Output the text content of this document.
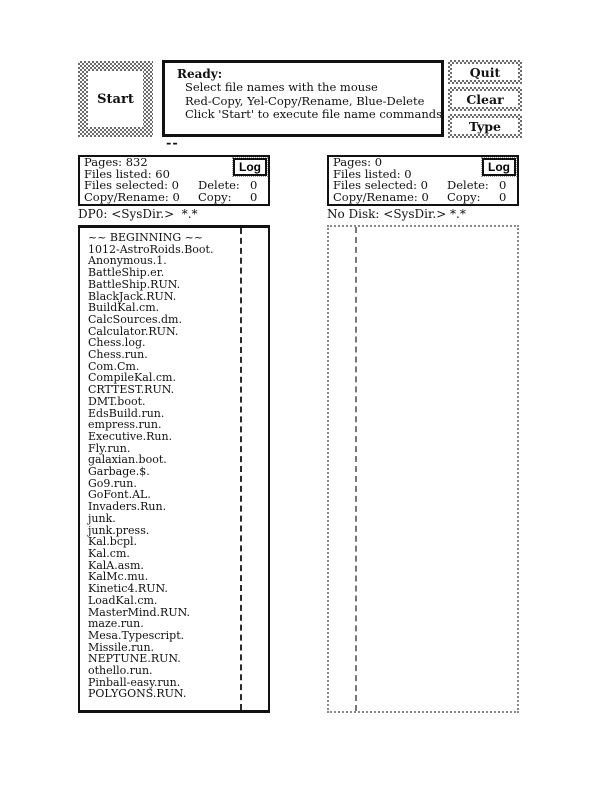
Start
Ready:
Select file names with the mouse
Red-Copy, Yel-Copy/Rename, Blue-Delete
Click 'Start' to execute file name commands
Quit
Clear
Type
--
Log
Pages: 832
Files listed: 60
Files selected: 0 Delete: 0
Copy/Rename: 0 Copy: 0
Log
Pages: 0
Files listed: 0
Files selected: 0 Delete: 0
Copy/Rename: 0 Copy: 0
DP0: <SysDir.>  *.*	No Disk: <SysDir.> *.*
~~ BEGINNING ~~
1012-AstroRoids.Boot.
Anonymous.1.
BattleShip.er.
BattleShip.RUN.
BlackJack.RUN.
BuildKal.cm.
CalcSources.dm.
Calculator.RUN.
Chess.log.
Chess.run.
Com.Cm.
CompileKal.cm.
CRTTEST.RUN.
DMT.boot.
EdsBuild.run.
empress.run.
Executive.Run.
Fly.run.
galaxian.boot.
Garbage.$.
Go9.run.
GoFont.AL.
Invaders.Run.
junk.
junk.press.
Kal.bcpl.
Kal.cm.
KalA.asm.
KalMc.mu.
Kinetic4.RUN.
LoadKal.cm.
MasterMind.RUN.
maze.run.
Mesa.Typescript.
Missile.run.
NEPTUNE.RUN.
othello.run.
Pinball-easy.run.
POLYGONS.RUN.
